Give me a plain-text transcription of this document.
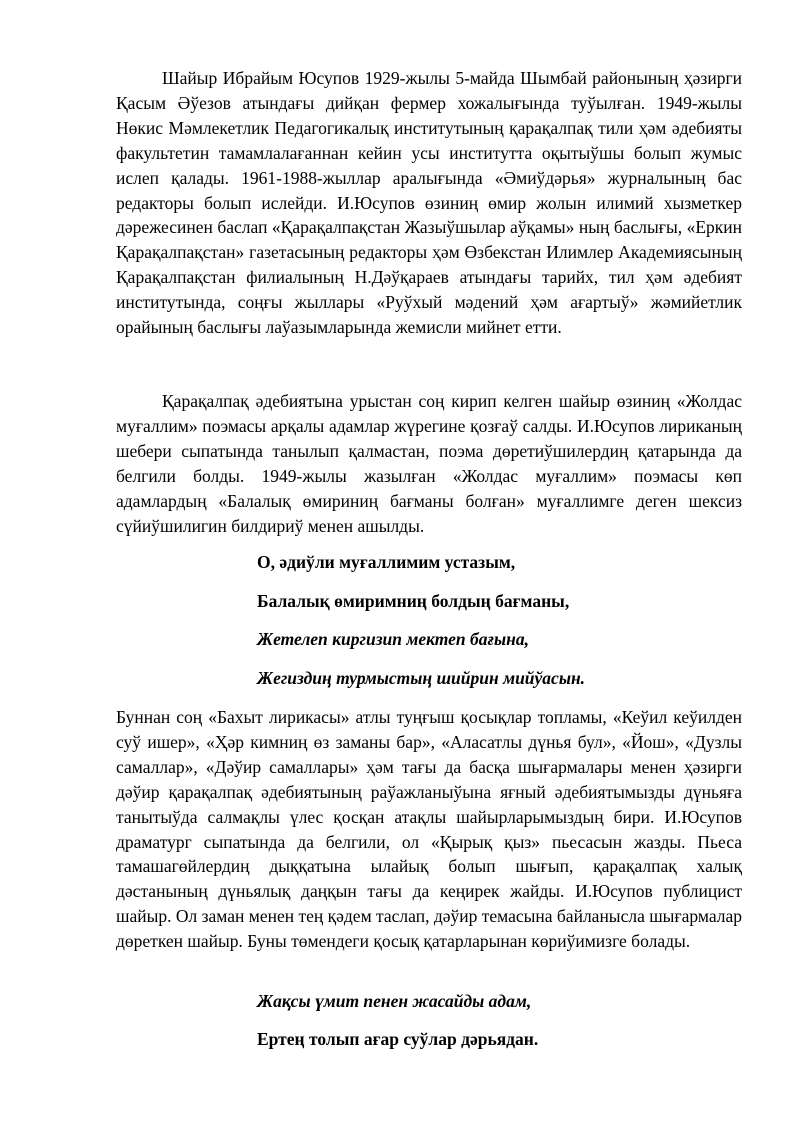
Шайыр Ибрайым Юсупов 1929-жылы 5-майда Шымбай районының ҳәзирги Қасым Әўезов атындағы дийқан фермер хожалығында туўылған. 1949-жылы Нөкис Мәмлекетлик Педагогикалық институтының қарақалпақ тили ҳәм әдебияты факультетин тамамлалағаннан кейин усы институтта оқытыўшы болып жумыс ислеп қалады. 1961-1988-жыллар аралығында «Әмиўдәрья» журналының бас редакторы болып ислейди. И.Юсупов өзиниң өмир жолын илимий хызметкер дәрежесинен баслап «Қарақалпақстан Жазыўшылар аўқамы» ның баслығы, «Еркин Қарақалпақстан» газетасының редакторы ҳәм Өзбекстан Илимлер Академиясының Қарақалпақстан филиалының Н.Дәўқараев атындағы тарийх, тил ҳәм әдебият институтында, соңғы жыллары «Руўхый мәдений ҳәм ағартыў» жәмийетлик орайының баслығы лаўазымларында жемисли мийнет етти.

Қарақалпақ әдебиятына урыстан соң кирип келген шайыр өзиниң «Жолдас муғаллим» поэмасы арқалы адамлар жүрегине қозғаў салды. И.Юсупов лириканың шебери сыпатында танылып қалмастан, поэма дөретиўшилердиң қатарында да белгили болды. 1949-жылы жазылған «Жолдас муғаллим» поэмасы көп адамлардың «Балалық өмириниң бағманы болған» муғаллимге деген шексиз сүйиўшилигин билдириў менен ашылды.

О, әдиўли муғаллимим устазым,

Балалық өмиримниң болдың бағманы,

Жетелеп киргизип мектеп бағына,

Жегиздиң турмыстың шийрин мийўасын.

Буннан соң «Бахыт лирикасы» атлы туңғыш қосықлар топламы, «Кеўил кеўилден суў ишер», «Ҳәр кимниң өз заманы бар», «Аласатлы дүнья бул», «Йош», «Дузлы самаллар», «Дәўир самаллары» ҳәм тағы да басқа шығармалары менен ҳәзирги дәўир қарақалпақ әдебиятының раўажланыўына яғный әдебиятымызды дүньяға танытыўда салмақлы үлес қосқан атақлы шайырларымыздың бири. И.Юсупов драматург сыпатында да белгили, ол «Қырық қыз» пьесасын жазды. Пьеса тамашагөйлердиң дыққатына ылайық болып шығып, қарақалпақ халық дәстанының дүньялық даңқын тағы да кеңирек жайды. И.Юсупов публицист шайыр. Ол заман менен тең қәдем таслап, дәўир темасына байланысла шығармалар дөреткен шайыр. Буны төмендеги қосық қатарларынан көриўимизге болады.

Жақсы үмит пенен жасайды адам,

Ертең толып ағар суўлар дәрьядан.
